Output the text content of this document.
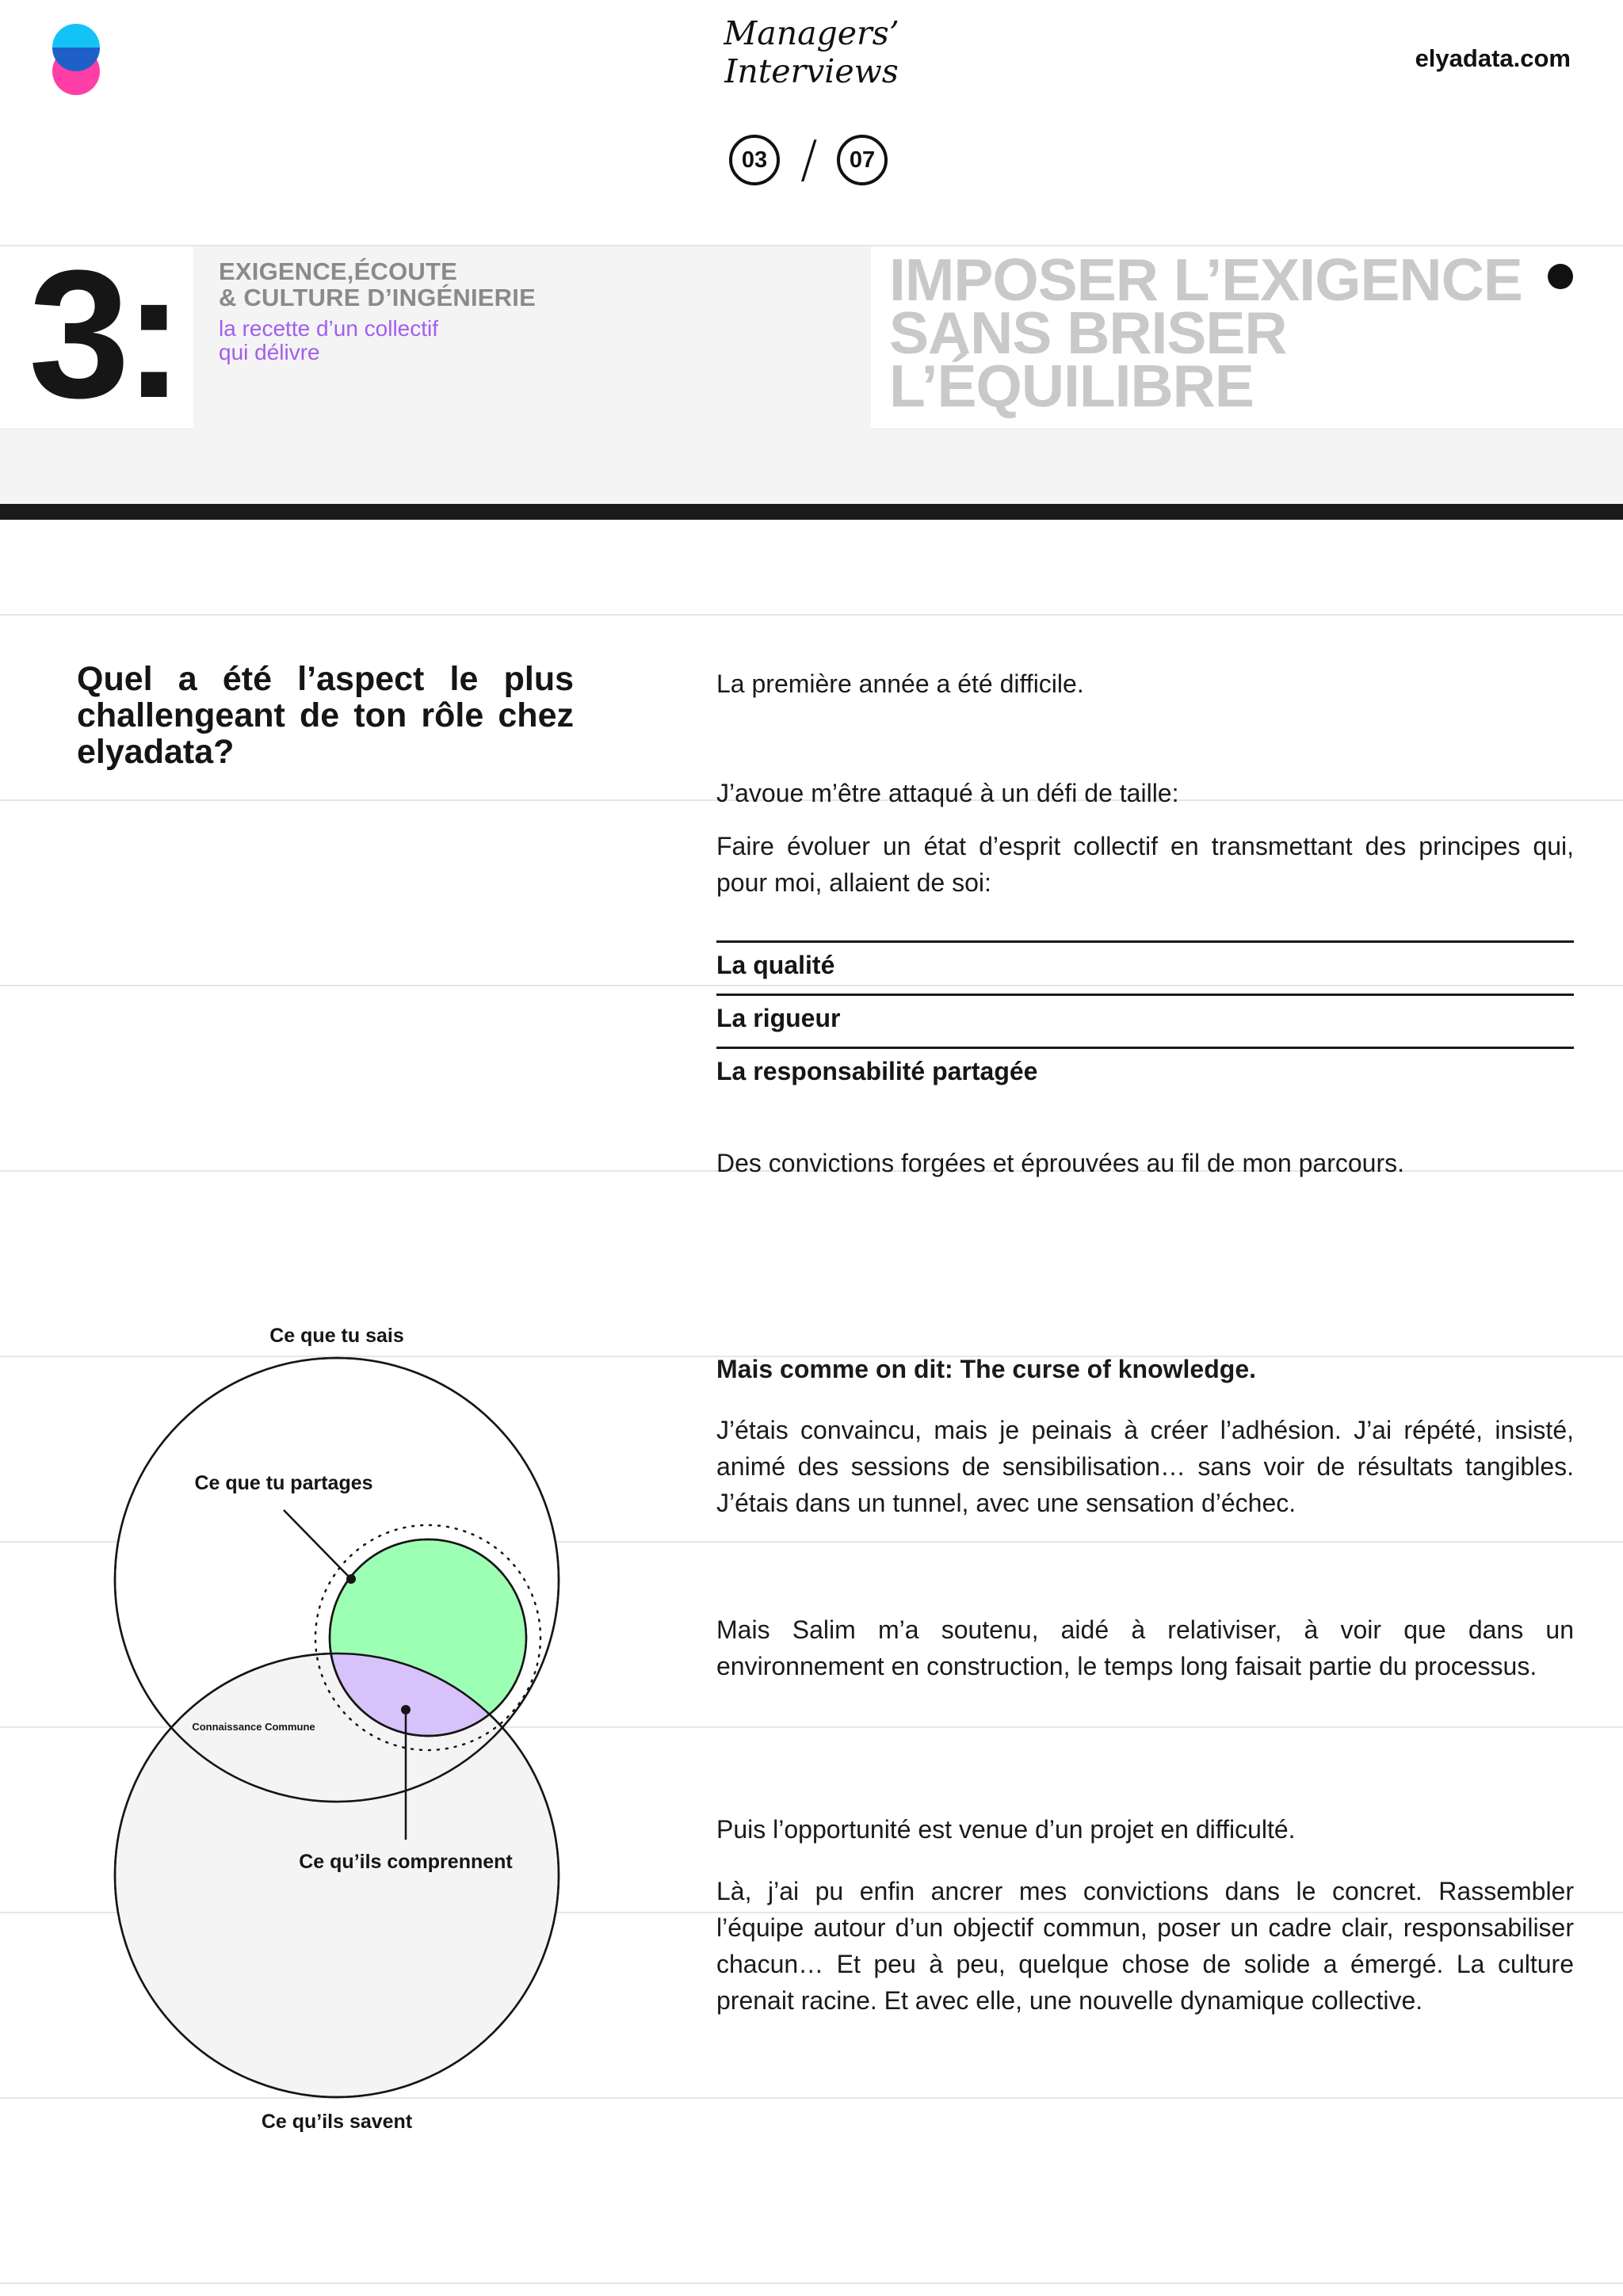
Managers’
Interviews	elyadata.com
03 /	07
3: EXIGENCE,ÉCOUTE
& CULTURE D’INGÉNIERIE
la recette d’un collectif
qui délivre
IMPOSER L’EXIGENCE
SANS BRISER
L’ÉQUILIBRE
Quel a été l’aspect le plus challengeant de ton rôle chez elyadata?
La première année a été difficile.
J’avoue m’être attaqué à un défi de taille:
Faire évoluer un état d’esprit collectif en transmettant des principes qui, pour moi, allaient de soi:
La qualité
La rigueur
La responsabilité partagée
Des convictions forgées et éprouvées au fil de mon parcours.
Mais comme on dit: The curse of knowledge.
J’étais convaincu, mais je peinais à créer l’adhésion. J’ai répété, insisté, animé des sessions de sensibilisation… sans voir de résultats tangibles. J’étais dans un tunnel, avec une sensation d’échec.
Mais Salim m’a soutenu, aidé à relativiser, à voir que dans un environnement en construction, le temps long faisait partie du processus.
Puis l’opportunité est venue d’un projet en difficulté.
Là, j’ai pu enfin ancrer mes convictions dans le concret. Rassembler l’équipe autour d’un objectif commun, poser un cadre clair, responsabiliser chacun… Et peu à peu, quelque chose de solide a émergé. La culture prenait racine. Et avec elle, une nouvelle dynamique collective.
Ce que tu sais
Ce que tu partages
Connaissance Commune
Ce qu’ils comprennent
Ce qu’ils savent
